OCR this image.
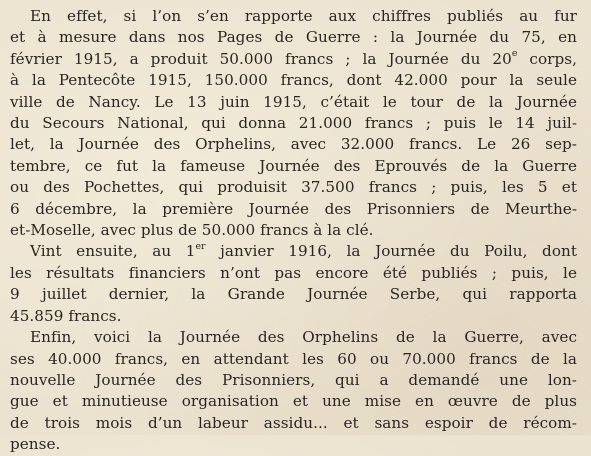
En effet, si l’on s’en rapporte aux chiffres publiés au fur
et à mesure dans nos Pages de Guerre : la Journée du 75, en
février 1915, a produit 50.000 francs ; la Journée du 20e corps,
à la Pentecôte 1915, 150.000 francs, dont 42.000 pour la seule
ville de Nancy. Le 13 juin 1915, c’était le tour de la Journée
du Secours National, qui donna 21.000 francs ; puis le 14 juil-
let, la Journée des Orphelins, avec 32.000 francs. Le 26 sep-
tembre, ce fut la fameuse Journée des Eprouvés de la Guerre
ou des Pochettes, qui produisit 37.500 francs ; puis, les 5 et
6 décembre, la première Journée des Prisonniers de Meurthe-
et-Moselle, avec plus de 50.000 francs à la clé.

Vint ensuite, au 1er janvier 1916, la Journée du Poilu, dont
les résultats financiers n’ont pas encore été publiés ; puis, le
9 juillet dernier, la Grande Journée Serbe, qui rapporta
45.859 francs.

Enfin, voici la Journée des Orphelins de la Guerre, avec
ses 40.000 francs, en attendant les 60 ou 70.000 francs de la
nouvelle Journée des Prisonniers, qui a demandé une lon-
gue et minutieuse organisation et une mise en œuvre de plus
de trois mois d’un labeur assidu... et sans espoir de récom-
pense.
